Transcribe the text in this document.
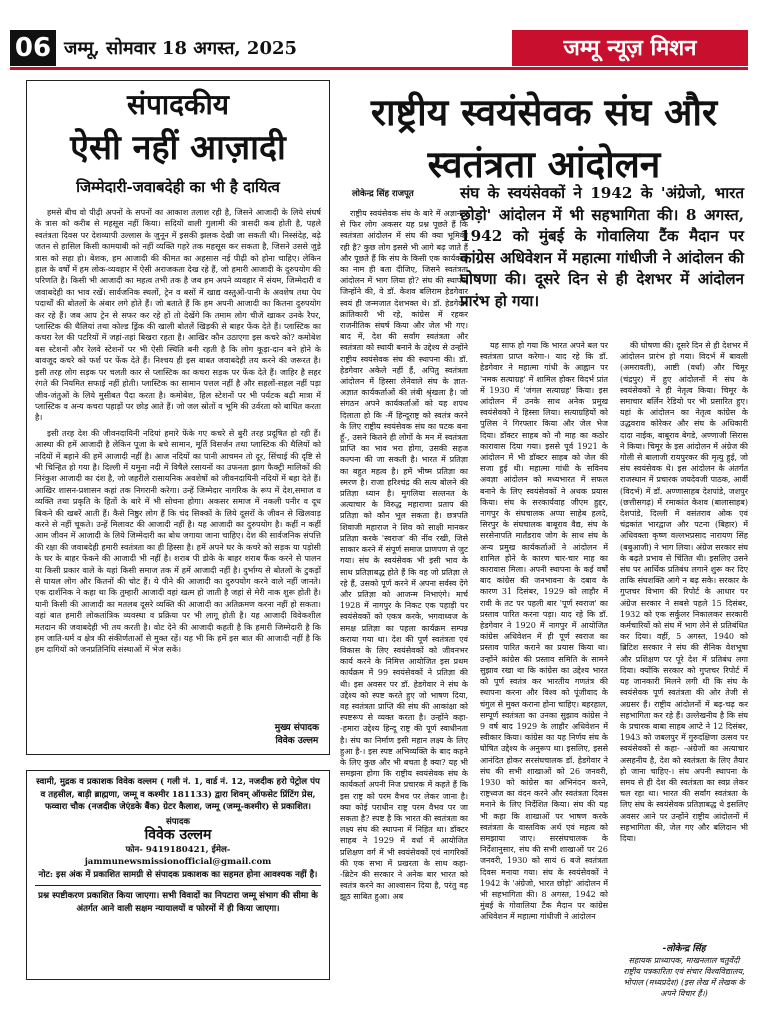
06 जम्मू, सोमवार 18 अगस्त, 2025	जम्मू न्यूज़ मिशन
संपादकीय
ऐसी नहीं आज़ादी
जिम्मेदारी-जवाबदेही का भी है दायित्व

हमसे बीच वो पीढ़ी अपनों के सपनों का आकाश तलाश रही है, जिसने आजादी के लिये संघर्ष के त्रास को करीब से महसूस नहीं किया। सदियों वाली गुलामी की त्रासदी कब होती है, पहले स्वतंत्रता दिवस पर देशव्यापी उल्लास के जुनून में इसकी झलक देखी जा सकती थी। निस्संदेह, बढ़े जतन से हासिल किसी कामयाबी को नहीं व्यक्ति गहरे तक महसूस कर सकता है, जिसने उससे जुड़े त्रास को सहा हो। बेशक, हम आजादी की कीमत का अहसास नई पीढ़ी को होना चाहिए। लेकिन हाल के वर्षों में हम लोक-व्यवहार में ऐसी अराजकता देख रहे हैं, जो हमारी आजादी के दुरुपयोग की परिणति है। किसी भी आजादी का महत्व तभी तक है जब हम अपने व्यवहार में संयम, जिम्मेदारी व जवाबदेही का भाव रखें। सार्वजनिक स्थलों, ट्रेन व बसों में खाद्य वस्तुओं-पानी के अवशेष तथा पेय पदार्थों की बोतलों के अंबार लगे होते हैं। जो बताते हैं कि हम अपनी आजादी का कितना दुरुपयोग कर रहे हैं। जब आप ट्रेन से सफर कर रहे हों तो देखेंगे कि तमाम लोग चीजें खाकर उनके रैपर, प्लास्टिक की थैलियां तथा कोल्ड ड्रिंक की खाली बोतलें खिड़की से बाहर फेंक देते हैं। प्लास्टिक का कचरा रेल की पटरियों में जहां-तहां बिखरा रहता है। आखिर कौन उठाएगा इस कचरे को? कमोबेश बस स्टेशनों और रेलवे स्टेशनों पर भी ऐसी स्थिति बनी रहती है कि लोग कूड़ा-दान बने होने के बावजूद कचरे को फर्श पर फेंक देते हैं। निश्चय ही इस बाबत जवाबदेही तय करने की जरूरत है। इसी तरह लोग सड़क पर चलती कार से प्लास्टिक का कचरा सड़क पर फेंक देते हैं। जाहिर है सहर रंगते की नियमित सफाई नहीं होती। प्लास्टिक का सामान पत्तल नहीं है और सहलों-सहल नहीं पड़ा जीव-जंतुओं के लिये मुसीबत पैदा करता है। कमोबेश, हिल स्टेशनों पर भी पर्यटक बढ़ी मात्रा में प्लास्टिक व अन्य कचरा पहाड़ों पर छोड़ आते हैं। जो जल स्रोतों व भूमि की उर्वरता को बाधित करता है।

इसी तरह देश की जीवनदायिनी नदियां हमारे फेंके गए कचरे से बुरी तरह प्रदूषित हो रही हैं। आस्था की हमें आजादी है लेकिन पूजा के बचे सामान, मूर्ति विसर्जन तथा प्लास्टिक की थैलियों को नदियों में बहाने की हमें आजादी नहीं है। आज नदियों का पानी आचमन तो दूर, सिंचाई की दृष्टि से भी चिन्हित हो गया है। दिल्ली में यमुना नदी में विषैले रसायनों का उफनता झाग फैक्ट्री मालिकों की निरंकुश आजादी का दंश है, जो जहरीले रासायनिक अवशेषों को जीवनदायिनी नदियों में बहा देते हैं। आखिर शासन-प्रशासन कहां तक निगरानी करेगा। उन्हें जिम्मेदार नागरिक के रूप में देश,समाज व व्यक्ति तथा प्रकृति के हितों के बारे में भी सोचना होगा। अकसर समाज में नकली पनीर व दूध बिकने की खबरें आती हैं। कैसे निष्ठुर लोग हैं कि चंद सिक्कों के लिये दूसरों के जीवन से खिलवाड़ करने से नहीं चूकते। उन्हें मिलावट की आजादी नहीं है। यह आजादी का दुरुपयोग है। कहीं न कहीं आम जीवन में आजादी के लिये जिम्मेदारी का बोध जगाया जाना चाहिए। देश की सार्वजनिक संपत्ति की रक्षा की जवाबदेही हमारी स्वतंत्रता का ही हिस्सा है। हमें अपने घर के कचरे को सड़क या पड़ोसी के घर के बाहर फेंकने की आजादी भी नहीं है। शराब पी डोके के बाहर शराब फैंक करने से पालन या किसी प्रकार वाले के यहां किसी समाज तक में हमें आजादी नहीं है। दुर्भाग्य से बोतलों के टुकड़ों से घायल लोग और कितनों की चोट हैं। ये पीने की आजादी का दुरुपयोग करने वाले नहीं जानते। एक दार्शनिक ने कहा था कि तुम्हारी आजादी वहां खत्म हो जाती है जहां से मेरी नाक शुरू होती है। यानी किसी की आजादी का मतलब दूसरे व्यक्ति की आजादी का अतिक्रमण करना नहीं हो सकता। वहां बात हमारी लोकतांत्रिक व्यवस्था व प्रक्रिया पर भी लागू होती है। यह आजादी विवेकशील मतदान की जवाबदेही भी तय करती है। वोट देने की आजादी कहती है कि हमारी जिम्मेदारी है कि हम जाति-धर्म व क्षेत्र की संकीर्णताओं से मुक्त रहें। यह भी कि हमें इस बात की आजादी नहीं है कि हम दागियों को जनप्रतिनिधि संस्थाओं में भेज सकें।

मुख्य संपादक
विवेक उल्लम
स्वामी, मुद्रक व प्रकाशक विवेक वल्लम ( गली नं. 1, वार्ड नं. 12, नजदीक हरो पेट्रोल पंप व तहसील, बाड़ी ब्राह्मणा, जम्मू व कश्मीर 181133) द्वारा शिवम् ऑफसेट प्रिंटिंग प्रेस, फव्वारा चौक (नजदीक जेएंडके बैंक) ग्रेटर कैलाश, जम्मू (जम्मू-कश्मीर) से प्रकाशित।
संपादक
विवेक उल्लम
फोन- 9419180421, ईमेल- jammunewsmissionofficial@gmail.com
नोट: इस अंक में प्रकाशित सामग्री से संपादक प्रकाशक का सहमत होना आवश्यक नहीं है।
प्रश्न स्पष्टीकरण प्रकाशित किया जाएगा। सभी विवादों का निपटारा जम्मू संभाग की सीमा के अंतर्गत आने वाली सक्षम न्यायालयों व फोरमों में ही किया जाएगा।
राष्ट्रीय स्वयंसेवक संघ और स्वतंत्रता आंदोलन
लोकेन्द्र सिंह राजपूत	संघ के स्वयंसेवकों ने 1942 के 'अंग्रेजो, भारत छोड़ो' आंदोलन में भी सहभागिता की। 8 अगस्त, 1942 को मुंबई के गोवालिया टैंक मैदान पर कांग्रेस अधिवेशन में महात्मा गांधीजी ने आंदोलन की घोषणा की। दूसरे दिन से ही देशभर में आंदोलन प्रारंभ हो गया।

राष्ट्रीय स्वयंसेवक संघ के बारे में अज्ञानता से फिर लोग अकसर यह प्रश्न पूछते हैं कि स्वतंत्रता आंदोलन में संघ की क्या भूमिका रही है? कुछ लोग इससे भी आगे बढ़ जाते हैं और पूछते हैं कि संघ के किसी एक कार्यकर्ता का नाम ही बता दीजिए, जिसने स्वतंत्रता आंदोलन में भाग लिया हो? संघ की स्थापना जिन्होंने की, वे डॉ. केशव बलिराम हेडगेवार स्वयं ही जन्मजात देशभक्त थे। डॉ. हेडगेवार क्रांतिकारी भी रहे, कांग्रेस में रहकर राजनीतिक संघर्ष किया और जेल भी गए। बाद में, देश की सर्वांग स्वतंत्रता और स्वतंत्रता को स्थायी बनाने के उद्देश्य से उन्होंने राष्ट्रीय स्वयंसेवक संघ की स्थापना की। डॉ. हेडगेवार अकेले नहीं हैं, अपितु स्वतंत्रता आंदोलन में हिस्सा लेनेवाले संघ के ज्ञात-अज्ञात कार्यकर्ताओं की लंबी श्रृंखला है। जो संगठन अपने कार्यकर्ताओं को यह शपथ दिलाता हो कि -मैं हिन्दूराष्ट्र को स्वतंत्र करने के लिए राष्ट्रीय स्वयंसेवक संघ का घटक बना हूँ-, उसने कितने ही लोगों के मन में स्वतंत्रता प्राप्ति का भाव भरा होगा, उसकी सहज कल्पना की जा सकती है। भारत में प्रतिज्ञा का बहुत महत्व है। हमें भीष्म प्रतिज्ञा का स्मरण है। राजा हरिश्चंद्र की सत्य बोलने की प्रतिज्ञा ध्यान है। मुगलिया सल्तनत के अत्याचार के विरुद्ध महाराणा प्रताप की प्रतिज्ञा को कौन भूल सकता है। छत्रपति शिवाजी महाराज ने शिव को साक्षी मानकर प्रतिज्ञा करके 'स्वराज' की नींव रखी, जिसे साकार करने में संपूर्ण समाज प्राणपण से जुट गया। संघ के स्वयंसेवक भी इसी भाव के साथ प्रतिज्ञाबद्ध होते हैं कि वह जो प्रतिज्ञा ले रहे हैं, उसको पूर्ण करने में अपना सर्वस्व देंगे और प्रतिज्ञा को आजन्म निभाएंगे। मार्च 1928 में नागपुर के निकट एक पहाड़ी पर स्वयंसेवकों को एकत्र करके, भगवाध्वज के समक्ष प्रतिज्ञा का पहला कार्यक्रम सम्पन्न कराया गया था। देश की पूर्ण स्वतंत्रता एवं विकास के लिए स्वयंसेवकों को जीवनभर कार्य करने के निमित्त आयोजित इस प्रथम कार्यक्रम में 99 स्वयंसेवकों ने प्रतिज्ञा की थी। इस अवसर पर डॉ. हेडगेवार ने संघ के उद्देश्य को स्पष्ट करते हुए जो भाषण दिया, वह स्वतंत्रता प्राप्ति की संघ की आकांक्षा को स्पष्टरूप से व्यक्त करता है। उन्होंने कहा- -हमारा उद्देश्य हिन्दू राष्ट्र की पूर्ण स्वाधीनता है। संघ का निर्माण इसी महान लक्ष्य के लिए हुआ है-। इस स्पष्ट अभिव्यक्ति के बाद कहने के लिए कुछ और भी बचता है क्या? यह भी समझना होगा कि राष्ट्रीय स्वयंसेवक संघ के कार्यकर्ता अपनी निज प्रचारक में कहते हैं कि इस राष्ट्र को परम वैभव पर लेकर जाना है। क्या कोई पराधीन राष्ट्र परम वैभव पर जा सकता है? स्पष्ट है कि भारत की स्वतंत्रता का लक्ष्य संघ की स्थापना में निहित था। डॉक्टर साहब ने 1929 में वर्धा में आयोजित प्रशिक्षण वर्ग में भी स्वयंसेवकों एवं नागरिकों की एक सभा में प्रखरता के साथ कहा- -ब्रिटेन की सरकार ने अनेक बार भारत को स्वतंत्र करने का आश्वासन दिया है, परंतु वह झूठ साबित हुआ। अब

यह साफ हो गया कि भारत अपने बल पर स्वतंत्रता प्राप्त करेगा-। याद रहे कि डॉ. हेडगेवार ने महात्मा गांधी के आह्वान पर 'नमक सत्याग्रह' में शामिल होकर विदर्भ प्रांत में 1930 में 'जंगल सत्याग्रह' किया। इस आंदोलन में उनके साथ अनेक प्रमुख स्वयंसेवकों ने हिस्सा लिया। सत्याग्रहियों को पुलिस ने गिरफ्तार किया और जेल भेज दिया। डॉक्टर साहब को नौ माह का कठोर कारावास दिया गया। इससे पूर्व 1921 के आंदोलन में भी डॉक्टर साहब को जेल की सजा हुई थी। महात्मा गांधी के सविनय अवज्ञा आंदोलन को मध्यभारत में सफल बनाने के लिए स्वयंसेवकों ने अथक प्रयास किया। संघ के सरकार्यवाह जीएम हुद्दर, नागपुर के संघचालक अप्पा साहेब हलदे, सिरपुर के संघचालक बाबूराव वैद्य, संघ के सरसेनापति मार्तंडराव जोग के साथ संघ के अन्य प्रमुख कार्यकर्ताओं ने आंदोलन में शामिल होने के कारण चार-चार माह का कारावास मिला। अपनी स्थापना के कई वर्षों बाद कांग्रेस की जनभावना के दबाव के कारण 31 दिसंबर, 1929 को लाहौर में रावी के तट पर पहली बार 'पूर्ण स्वराज' का प्रस्ताव पारित करना पड़ा। याद रहे कि डॉ. हेडगेवार ने 1920 में नागपुर में आयोजित कांग्रेस अधिवेशन में ही पूर्ण स्वराज का प्रस्ताव पारित कराने का प्रयास किया था। उन्होंने कांग्रेस की प्रस्ताव समिति के सामने सुझाव रखा था कि कांग्रेस का उद्देश्य भारत को पूर्ण स्वतंत्र कर भारतीय गणतंत्र की स्थापना करना और विश्व को पूंजीवाद के चंगुल से मुक्त कराना होना चाहिए। बहरहाल, सम्पूर्ण स्वतंत्रता का उनका सुझाव कांग्रेस ने 9 वर्ष बाद 1929 के लाहौर अधिवेशन में स्वीकार किया। कांग्रेस का यह निर्णय संघ के घोषित उद्देश्य के अनुरूप था। इसलिए, इससे आनंदित होकर सरसंघचालक डॉ. हेडगेवार ने संघ की सभी शाखाओं को 26 जनवरी, 1930 को कांग्रेस का अभिनंदन करने, राष्ट्रध्वज का वंदन करने और स्वतंत्रता दिवस मनाने के लिए निर्देशित किया। संघ की यह भी कहा कि शाखाओं पर भाषण करके स्वतंत्रता के वास्तविक अर्थ एवं महत्व को समझाया जाए। सरसंघचालक के निर्देशानुसार, संघ की सभी शाखाओं पर 26 जनवरी, 1930 को सायं 6 बजे स्वतंत्रता दिवस मनाया गया। संघ के स्वयंसेवकों ने 1942 के 'अंग्रेजो, भारत छोड़ो' आंदोलन में भी सहभागिता की। 8 अगस्त, 1942 को मुंबई के गोवालिया टैंक मैदान पर कांग्रेस अधिवेशन में महात्मा गांधीजी ने आंदोलन

की घोषणा की। दूसरे दिन से ही देशभर में आंदोलन प्रारंभ हो गया। विदर्भ में बावली (अमरावती), आष्टी (वर्धा) और चिमूर (चंद्रपुर) में हुए आंदोलनों में संघ के स्वयंसेवकों ने ही नेतृत्व किया। चिमूर के समाचार बर्लिन रेडियो पर भी प्रसारित हुए। यहां के आंदोलन का नेतृत्व कांग्रेस के उद्धवराव कोरेकर और संघ के अधिकारी दादा नाईक, बाबूराव बेगडे, अण्णाजी सिरास ने किया। चिमूर के इस आंदोलन में अंग्रेज की गोली से बालाजी रायपुरकर की मृत्यु हुई, जो संघ स्वयंसेवक थे। इस आंदोलन के अंतर्गत राजस्थान में प्रचारक जयदेवजी पाठक, आर्वी (विदर्भ) में डॉ. अण्णासाहब देशपांडे, जशपुर (छत्तीसगढ़) में रमाकांत केशव (बालासाहब) देशपांडे, दिल्ली में वसंतराव ओक एवं चंद्रकांत भारद्वाज और पटना (बिहार) में अधिवक्ता कृष्ण वल्लभप्रसाद नारायण सिंह (बबुआजी) ने भाग लिया। अंग्रेज सरकार संघ के बढ़ते प्रभाव से चिंतित थी। इसलिए उसने संघ पर आर्थिक प्रतिबंध लगाने शुरू कर दिए ताकि संघशक्ति आगे न बढ़ सके। सरकार के गुप्तचर विभाग की रिपोर्ट के आधार पर अंग्रेज सरकार ने सबसे पहले 15 दिसंबर, 1932 को एक सर्कुलर निकालकर सरकारी कर्मचारियों को संघ में भाग लेने से प्रतिबंधित कर दिया। वहीं, 5 अगस्त, 1940 को ब्रिटिश सरकार ने संघ की सैनिक वेशभूषा और प्रशिक्षण पर पूरे देश में प्रतिबंध लगा दिया। क्योंकि सरकार को गुप्तचर रिपोर्ट में यह जानकारी मिलने लगी थी कि संघ के स्वयंसेवक पूर्ण स्वतंत्रता की ओर तेजी से अग्रसर हैं। राष्ट्रीय आंदोलनों में बढ़-चढ़ कर सहभागिता कर रहे हैं। उल्लेखनीय है कि संघ के प्रचारक बाबा साहब आप्टे ने 12 दिसंबर, 1943 को जबलपुर में गुरुदक्षिणा उत्सव पर स्वयंसेवकों से कहा- -अंग्रेजों का अत्याचार असहनीय है, देश को स्वतंत्रता के लिए तैयार हो जाना चाहिए-। संघ अपनी स्थापना के समय से ही देश की स्वतंत्रता का स्वप्न लेकर चल रहा था। भारत की सर्वांग स्वतंत्रता के लिए संघ के स्वयंसेवक प्रतिज्ञाबद्ध थे इसलिए अवसर आने पर उन्होंने राष्ट्रीय आंदोलनों में सहभागिता की, जेल गए और बलिदान भी दिया।

-लोकेन्द्र सिंह
सहायक प्राध्यापक, माखनलाल चतुर्वेदी राष्ट्रीय पत्रकारिता एवं संचार विश्वविद्यालय, भोपाल (मध्यप्रदेश) (इस लेख में लेखक के अपने विचार हैं।)
